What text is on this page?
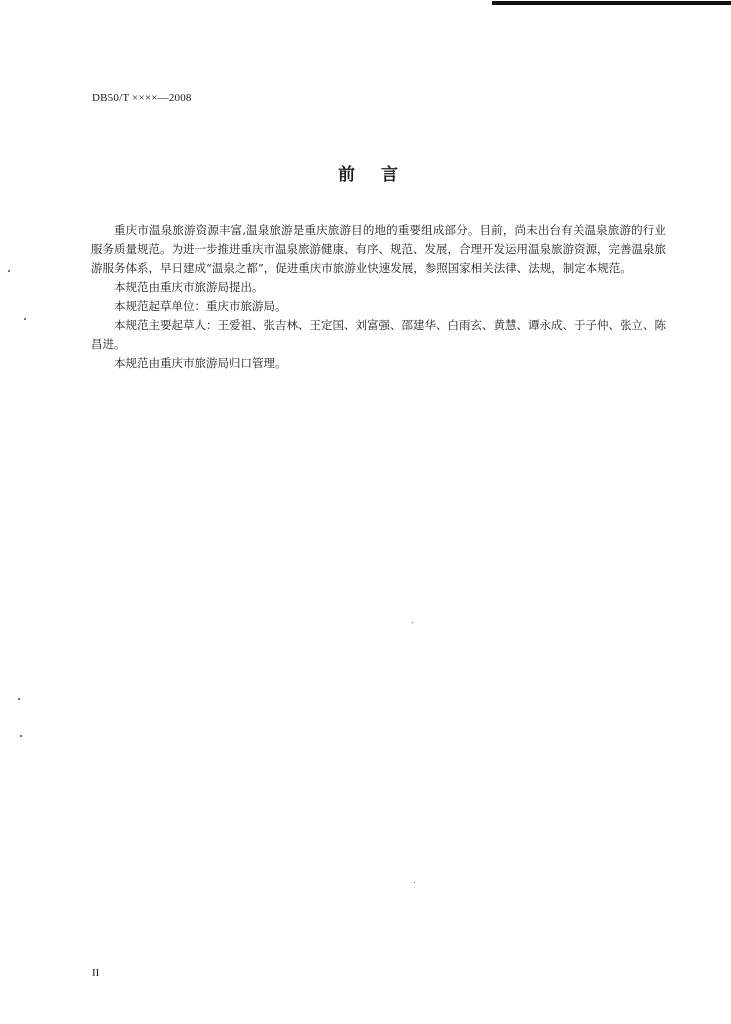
DB50/T ××××—2008
前言

重庆市温泉旅游资源丰富,温泉旅游是重庆旅游目的地的重要组成部分。目前，尚未出台有关温泉旅游的行业服务质量规范。为进一步推进重庆市温泉旅游健康、有序、规范、发展，合理开发运用温泉旅游资源，完善温泉旅游服务体系，早日建成“温泉之都”，促进重庆市旅游业快速发展，参照国家相关法律、法规，制定本规范。

本规范由重庆市旅游局提出。

本规范起草单位：重庆市旅游局。

本规范主要起草人：王爱祖、张吉林、王定国、刘富强、邵建华、白雨玄、黄慧、谭永成、于子仲、张立、陈昌进。

本规范由重庆市旅游局归口管理。

II
